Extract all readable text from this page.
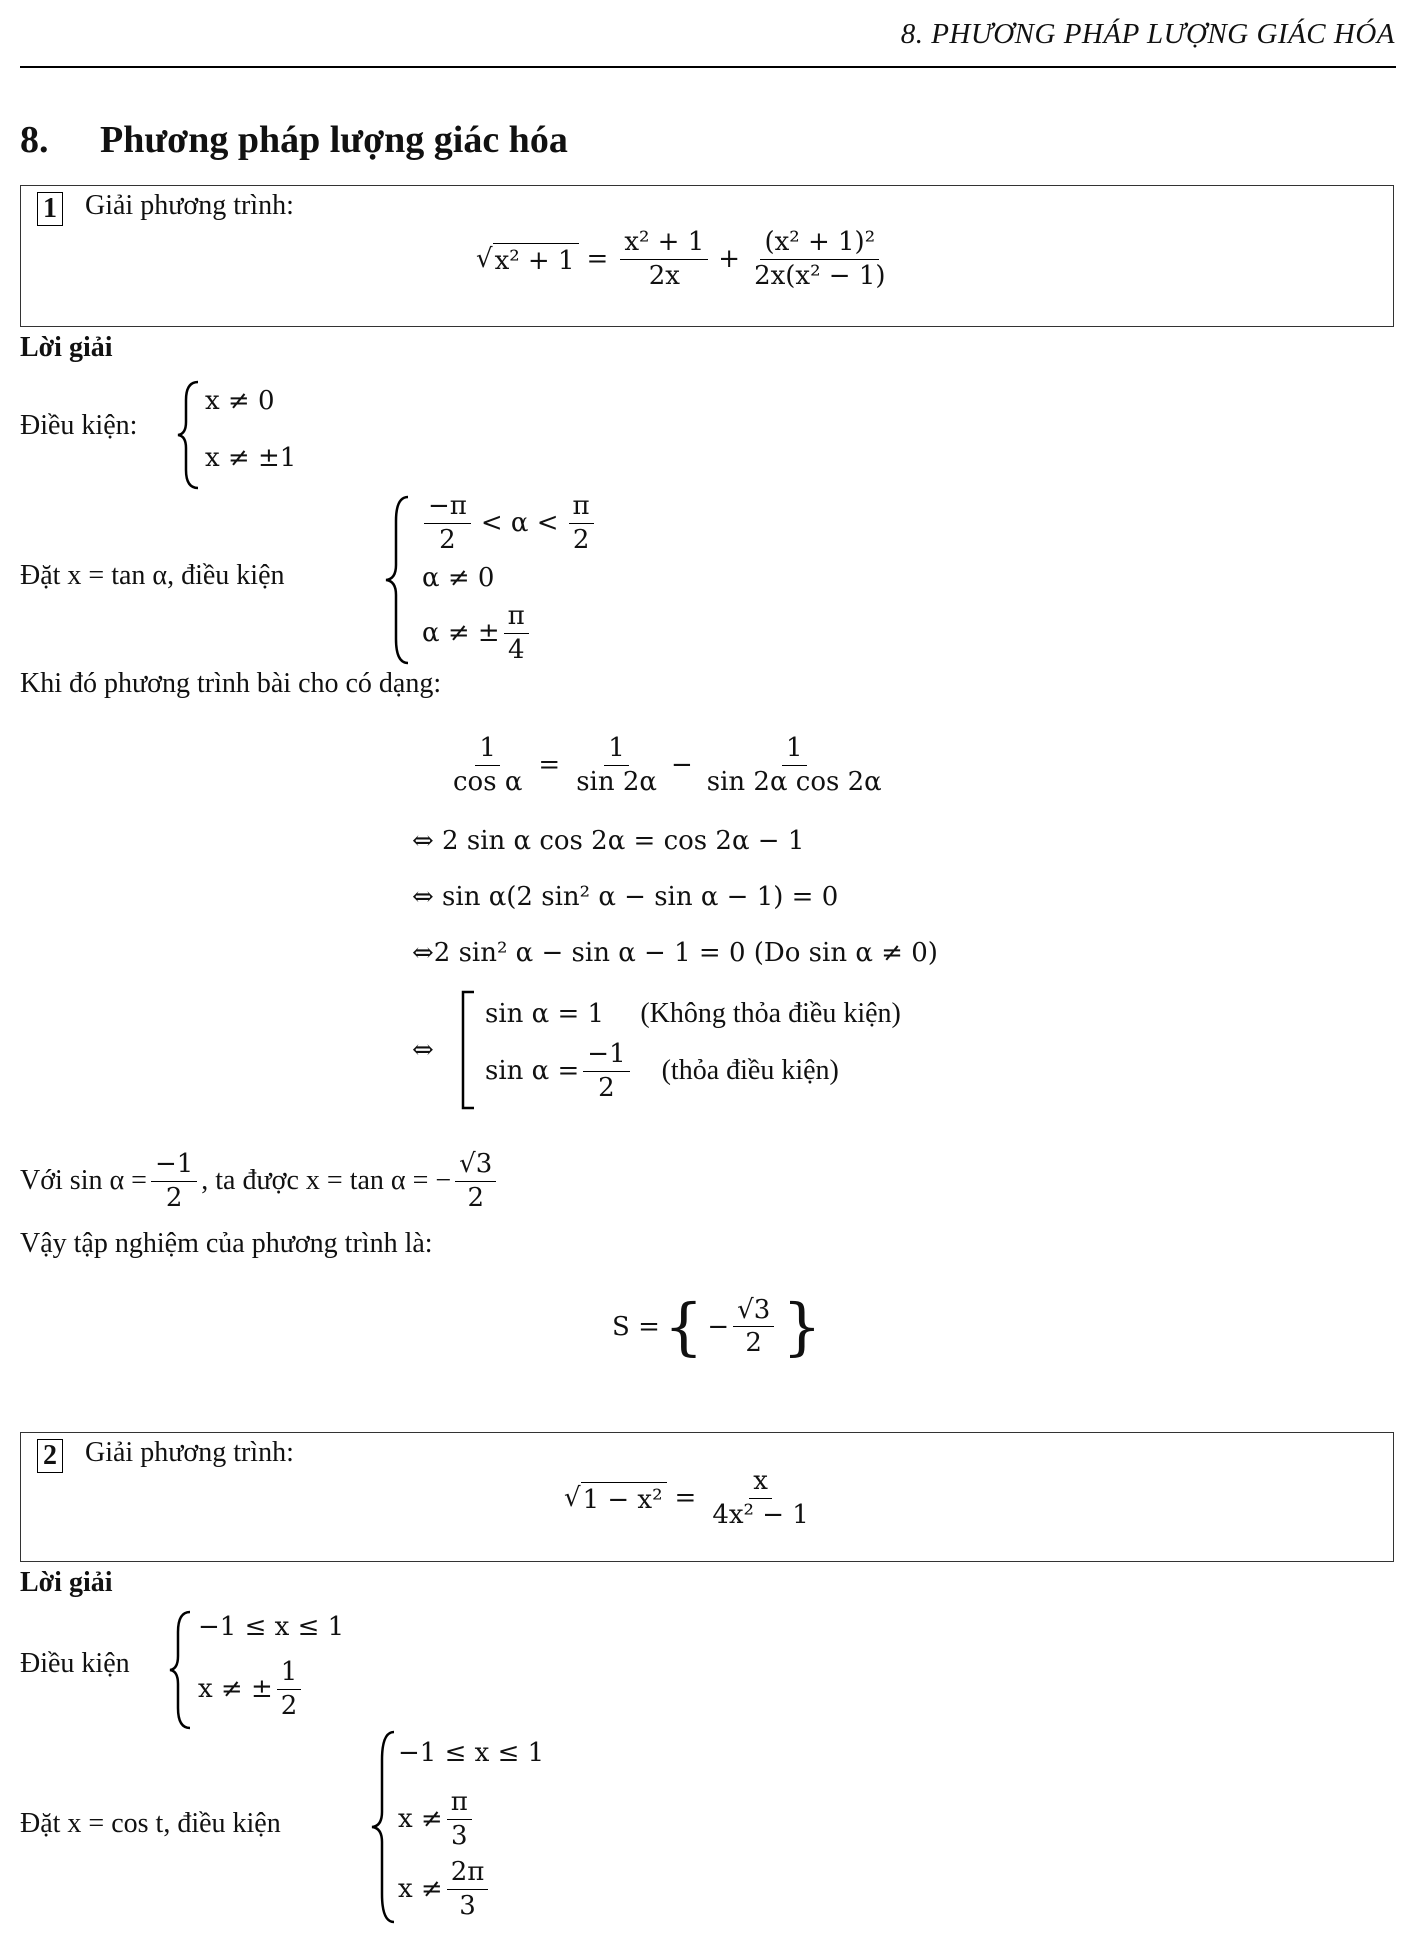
8. PHƯƠNG PHÁP LƯỢNG GIÁC HÓA
8. Phương pháp lượng giác hóa
1 Giải phương trình:
√ $x^2 + 1 = \frac{\text{x² + 1}}{2x} + \frac{\text{(x² + 1)²}}{\text{2x(x² − 1)}}$
Lời giải
Điều kiện:
x ≠ 0
x ≠ ±1
Đặt x = tan α, điều kiện
$\frac{-\pi}{2} < \alpha < \frac{\pi}{2}$
α ≠ 0
α ≠ ± $\frac{\pi}{4}$
Khi đó phương trình bài cho có dạng:
$\frac{1}{\text{cos α}} = \frac{1}{\sin 2\alpha} - \frac{1}{\text{sin 2α cos 2α}}$
⇔ 2 sin α cos 2α = cos 2α − 1
⇔ sin α(2 sin² α − sin α − 1) = 0
⇔2 sin² α − sin α − 1 = 0 (Do sin α ≠ 0)
⇔
sin α = 1 (Không thỏa điều kiện)
$\sin \alpha = \frac{-1}{2}$ (thỏa điều kiện)
Với $\sin \alpha = \frac{-1}{2}$ , ta được x = tan α = − $\frac{√3}{2}$
Vậy tập nghiệm của phương trình là:
S = { − $\frac{√3}{2}$ }
2 Giải phương trình:
√ $1 - x^2 = \frac{x}{\text{4x² − 1}}$
Lời giải
Điều kiện
−1 ≤ x ≤ 1
x ≠ ± $\frac{1}{2}$
Đặt x = cos t, điều kiện
−1 ≤ x ≤ 1
$x \ne \frac{\pi}{3}$
$x \ne \frac{2\pi}{3}$
